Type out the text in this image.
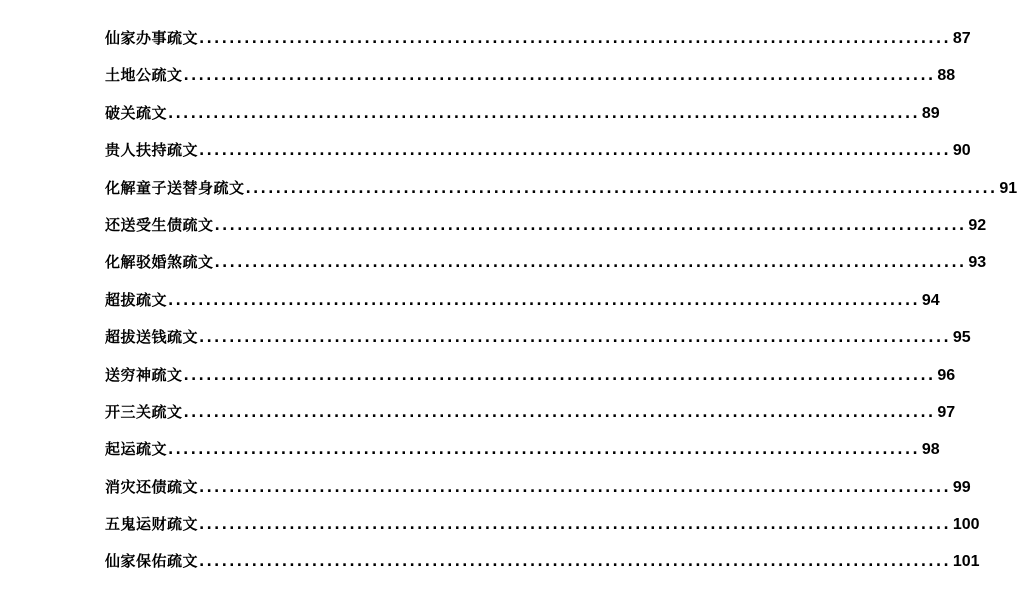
仙家办事疏文 .................................................................................................... 87
土地公疏文 .................................................................................................... 88
破关疏文 .................................................................................................... 89
贵人扶持疏文 .................................................................................................... 90
化解童子送替身疏文 .................................................................................................... 91
还送受生债疏文 .................................................................................................... 92
化解驳婚煞疏文 .................................................................................................... 93
超拔疏文 .................................................................................................... 94
超拔送钱疏文 .................................................................................................... 95
送穷神疏文 .................................................................................................... 96
开三关疏文 .................................................................................................... 97
起运疏文 .................................................................................................... 98
消灾还债疏文 .................................................................................................... 99
五鬼运财疏文 .................................................................................................... 100
仙家保佑疏文 .................................................................................................... 101
